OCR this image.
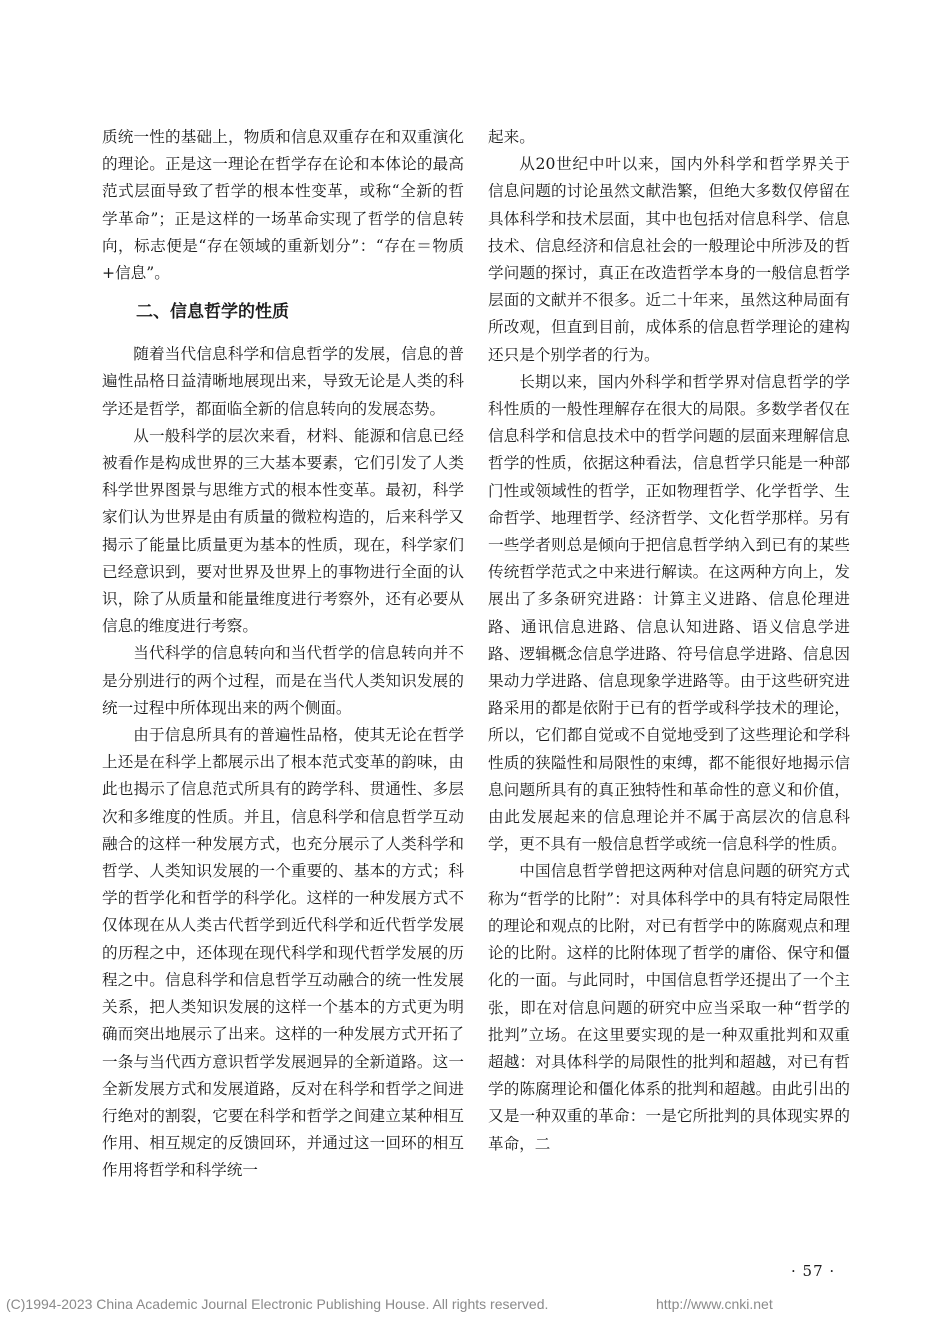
质统一性的基础上，物质和信息双重存在和双重演化的理论。正是这一理论在哲学存在论和本体论的最高范式层面导致了哲学的根本性变革，或称“全新的哲学革命”；正是这样的一场革命实现了哲学的信息转向，标志便是“存在领域的重新划分”：“存在＝物质+信息”。

二、信息哲学的性质

随着当代信息科学和信息哲学的发展，信息的普遍性品格日益清晰地展现出来，导致无论是人类的科学还是哲学，都面临全新的信息转向的发展态势。

从一般科学的层次来看，材料、能源和信息已经被看作是构成世界的三大基本要素，它们引发了人类科学世界图景与思维方式的根本性变革。最初，科学家们认为世界是由有质量的微粒构造的，后来科学又揭示了能量比质量更为基本的性质，现在，科学家们已经意识到，要对世界及世界上的事物进行全面的认识，除了从质量和能量维度进行考察外，还有必要从信息的维度进行考察。

当代科学的信息转向和当代哲学的信息转向并不是分别进行的两个过程，而是在当代人类知识发展的统一过程中所体现出来的两个侧面。

由于信息所具有的普遍性品格，使其无论在哲学上还是在科学上都展示出了根本范式变革的韵味，由此也揭示了信息范式所具有的跨学科、贯通性、多层次和多维度的性质。并且，信息科学和信息哲学互动融合的这样一种发展方式，也充分展示了人类科学和哲学、人类知识发展的一个重要的、基本的方式；科学的哲学化和哲学的科学化。这样的一种发展方式不仅体现在从人类古代哲学到近代科学和近代哲学发展的历程之中，还体现在现代科学和现代哲学发展的历程之中。信息科学和信息哲学互动融合的统一性发展关系，把人类知识发展的这样一个基本的方式更为明确而突出地展示了出来。这样的一种发展方式开拓了一条与当代西方意识哲学发展迥异的全新道路。这一全新发展方式和发展道路，反对在科学和哲学之间进行绝对的割裂，它要在科学和哲学之间建立某种相互作用、相互规定的反馈回环，并通过这一回环的相互作用将哲学和科学统一

起来。

从20世纪中叶以来，国内外科学和哲学界关于信息问题的讨论虽然文献浩繁，但绝大多数仅停留在具体科学和技术层面，其中也包括对信息科学、信息技术、信息经济和信息社会的一般理论中所涉及的哲学问题的探讨，真正在改造哲学本身的一般信息哲学层面的文献并不很多。近二十年来，虽然这种局面有所改观，但直到目前，成体系的信息哲学理论的建构还只是个别学者的行为。

长期以来，国内外科学和哲学界对信息哲学的学科性质的一般性理解存在很大的局限。多数学者仅在信息科学和信息技术中的哲学问题的层面来理解信息哲学的性质，依据这种看法，信息哲学只能是一种部门性或领域性的哲学，正如物理哲学、化学哲学、生命哲学、地理哲学、经济哲学、文化哲学那样。另有一些学者则总是倾向于把信息哲学纳入到已有的某些传统哲学范式之中来进行解读。在这两种方向上，发展出了多条研究进路：计算主义进路、信息伦理进路、通讯信息进路、信息认知进路、语义信息学进路、逻辑概念信息学进路、符号信息学进路、信息因果动力学进路、信息现象学进路等。由于这些研究进路采用的都是依附于已有的哲学或科学技术的理论，所以，它们都自觉或不自觉地受到了这些理论和学科性质的狭隘性和局限性的束缚，都不能很好地揭示信息问题所具有的真正独特性和革命性的意义和价值，由此发展起来的信息理论并不属于高层次的信息科学，更不具有一般信息哲学或统一信息科学的性质。

中国信息哲学曾把这两种对信息问题的研究方式称为“哲学的比附”：对具体科学中的具有特定局限性的理论和观点的比附，对已有哲学中的陈腐观点和理论的比附。这样的比附体现了哲学的庸俗、保守和僵化的一面。与此同时，中国信息哲学还提出了一个主张，即在对信息问题的研究中应当采取一种“哲学的批判”立场。在这里要实现的是一种双重批判和双重超越：对具体科学的局限性的批判和超越，对已有哲学的陈腐理论和僵化体系的批判和超越。由此引出的又是一种双重的革命：一是它所批判的具体现实界的革命，二

· 57 ·
(C)1994-2023 China Academic Journal Electronic Publishing House. All rights reserved.	http://www.cnki.net
